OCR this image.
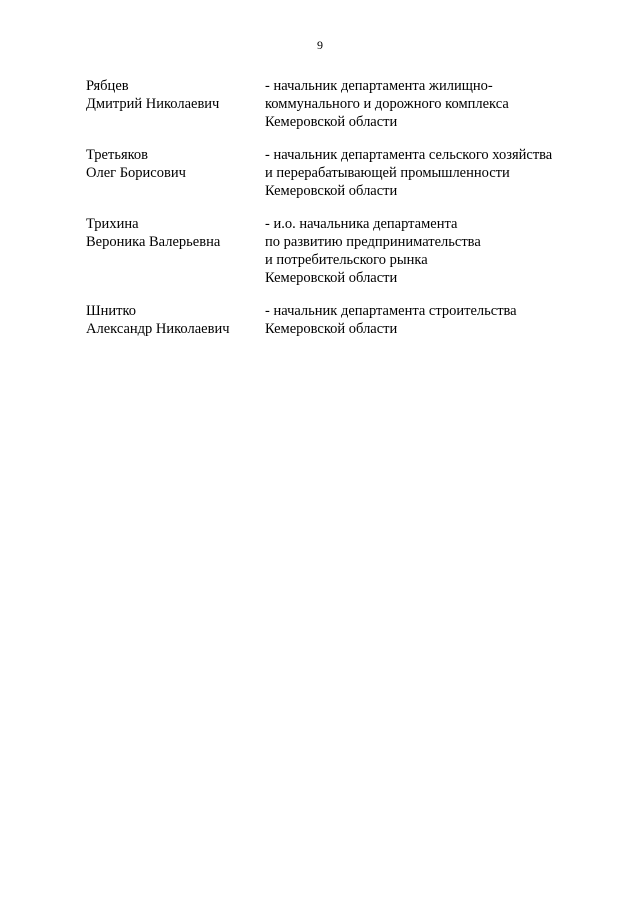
9
Рябцев
Дмитрий Николаевич
- начальник департамента жилищно-
коммунального и дорожного комплекса
Кемеровской области
Третьяков
Олег Борисович
- начальник департамента сельского хозяйства
и перерабатывающей промышленности
Кемеровской области
Трихина
Вероника Валерьевна
- и.о. начальника департамента
по развитию предпринимательства
и потребительского рынка
Кемеровской области
Шнитко
Александр Николаевич
- начальник департамента строительства
Кемеровской области
